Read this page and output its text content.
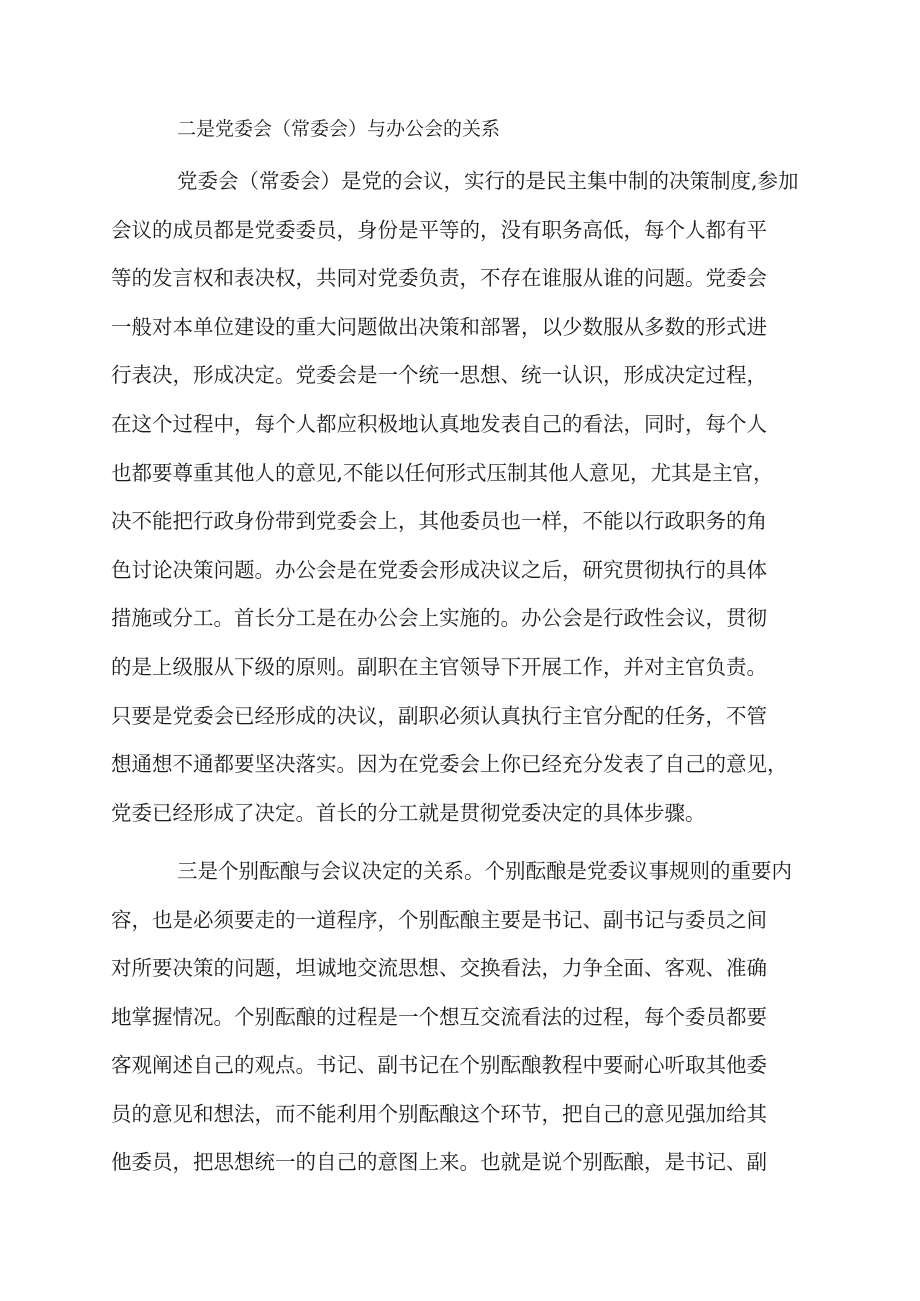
二是党委会（常委会）与办公会的关系
党委会（常委会）是党的会议，实行的是民主集中制的决策制度,参加
会议的成员都是党委委员，身份是平等的，没有职务高低，每个人都有平
等的发言权和表决权，共同对党委负责，不存在谁服从谁的问题。党委会
一般对本单位建设的重大问题做出决策和部署，以少数服从多数的形式进
行表决，形成决定。党委会是一个统一思想、统一认识，形成决定过程，
在这个过程中，每个人都应积极地认真地发表自己的看法，同时，每个人
也都要尊重其他人的意见,不能以任何形式压制其他人意见，尤其是主官，
决不能把行政身份带到党委会上，其他委员也一样，不能以行政职务的角
色讨论决策问题。办公会是在党委会形成决议之后，研究贯彻执行的具体
措施或分工。首长分工是在办公会上实施的。办公会是行政性会议，贯彻
的是上级服从下级的原则。副职在主官领导下开展工作，并对主官负责。
只要是党委会已经形成的决议，副职必须认真执行主官分配的任务，不管
想通想不通都要坚决落实。因为在党委会上你已经充分发表了自己的意见，
党委已经形成了决定。首长的分工就是贯彻党委决定的具体步骤。
三是个别酝酿与会议决定的关系。个别酝酿是党委议事规则的重要内
容，也是必须要走的一道程序，个别酝酿主要是书记、副书记与委员之间
对所要决策的问题，坦诚地交流思想、交换看法，力争全面、客观、准确
地掌握情况。个别酝酿的过程是一个想互交流看法的过程，每个委员都要
客观阐述自己的观点。书记、副书记在个别酝酿教程中要耐心听取其他委
员的意见和想法，而不能利用个别酝酿这个环节，把自己的意见强加给其
他委员，把思想统一的自己的意图上来。也就是说个别酝酿，是书记、副
